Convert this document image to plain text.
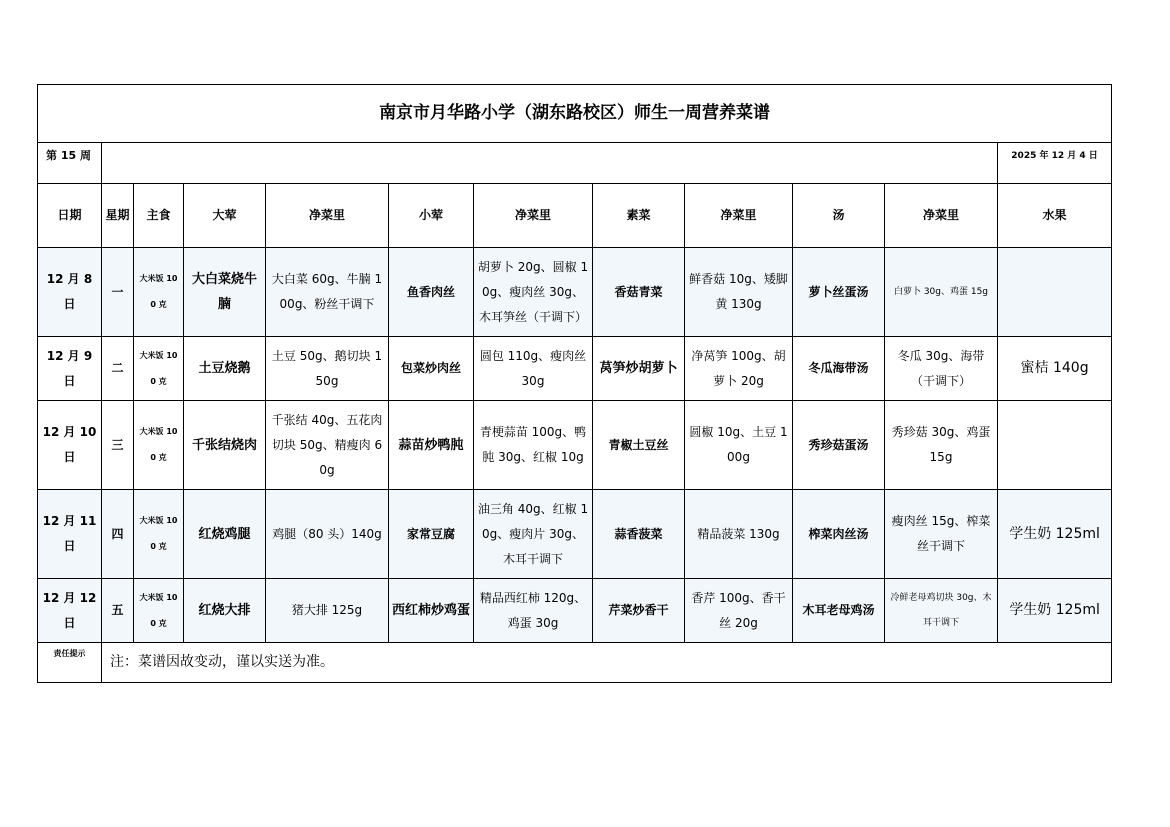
南京市月华路小学（湖东路校区）师生一周营养菜谱											
第 15 周											2025 年 12 月 4 日
日期	星期	主食	大荤	净菜里	小荤	净菜里	素菜	净菜里	汤	净菜里	水果
12 月 8 日	一	大米饭 100 克	大白菜烧牛腩	大白菜 60g、牛腩 100g、粉丝干调下	鱼香肉丝	胡萝卜 20g、圆椒 10g、瘦肉丝 30g、木耳笋丝（干调下）	香菇青菜	鲜香菇 10g、矮脚黄 130g	萝卜丝蛋汤	白萝卜 30g、鸡蛋 15g	
12 月 9 日	二	大米饭 100 克	土豆烧鹅	土豆 50g、鹅切块 150g	包菜炒肉丝	圆包 110g、瘦肉丝 30g	莴笋炒胡萝卜	净莴笋 100g、胡萝卜 20g	冬瓜海带汤	冬瓜 30g、海带（干调下）	蜜桔 140g
12 月 10 日	三	大米饭 100 克	千张结烧肉	千张结 40g、五花肉切块 50g、精瘦肉 60g	蒜苗炒鸭肫	青梗蒜苗 100g、鸭肫 30g、红椒 10g	青椒土豆丝	圆椒 10g、土豆 100g	秀珍菇蛋汤	秀珍菇 30g、鸡蛋 15g	
12 月 11 日	四	大米饭 100 克	红烧鸡腿	鸡腿（80 头）140g	家常豆腐	油三角 40g、红椒 10g、瘦肉片 30g、木耳干调下	蒜香菠菜	精品菠菜 130g	榨菜肉丝汤	瘦肉丝 15g、榨菜丝干调下	学生奶 125ml
12 月 12 日	五	大米饭 100 克	红烧大排	猪大排 125g	西红柿炒鸡蛋	精品西红柿 120g、鸡蛋 30g	芹菜炒香干	香芹 100g、香干丝 20g	木耳老母鸡汤	冷鲜老母鸡切块 30g、木耳干调下	学生奶 125ml
责任提示	注：菜谱因故变动，谨以实送为准。										
